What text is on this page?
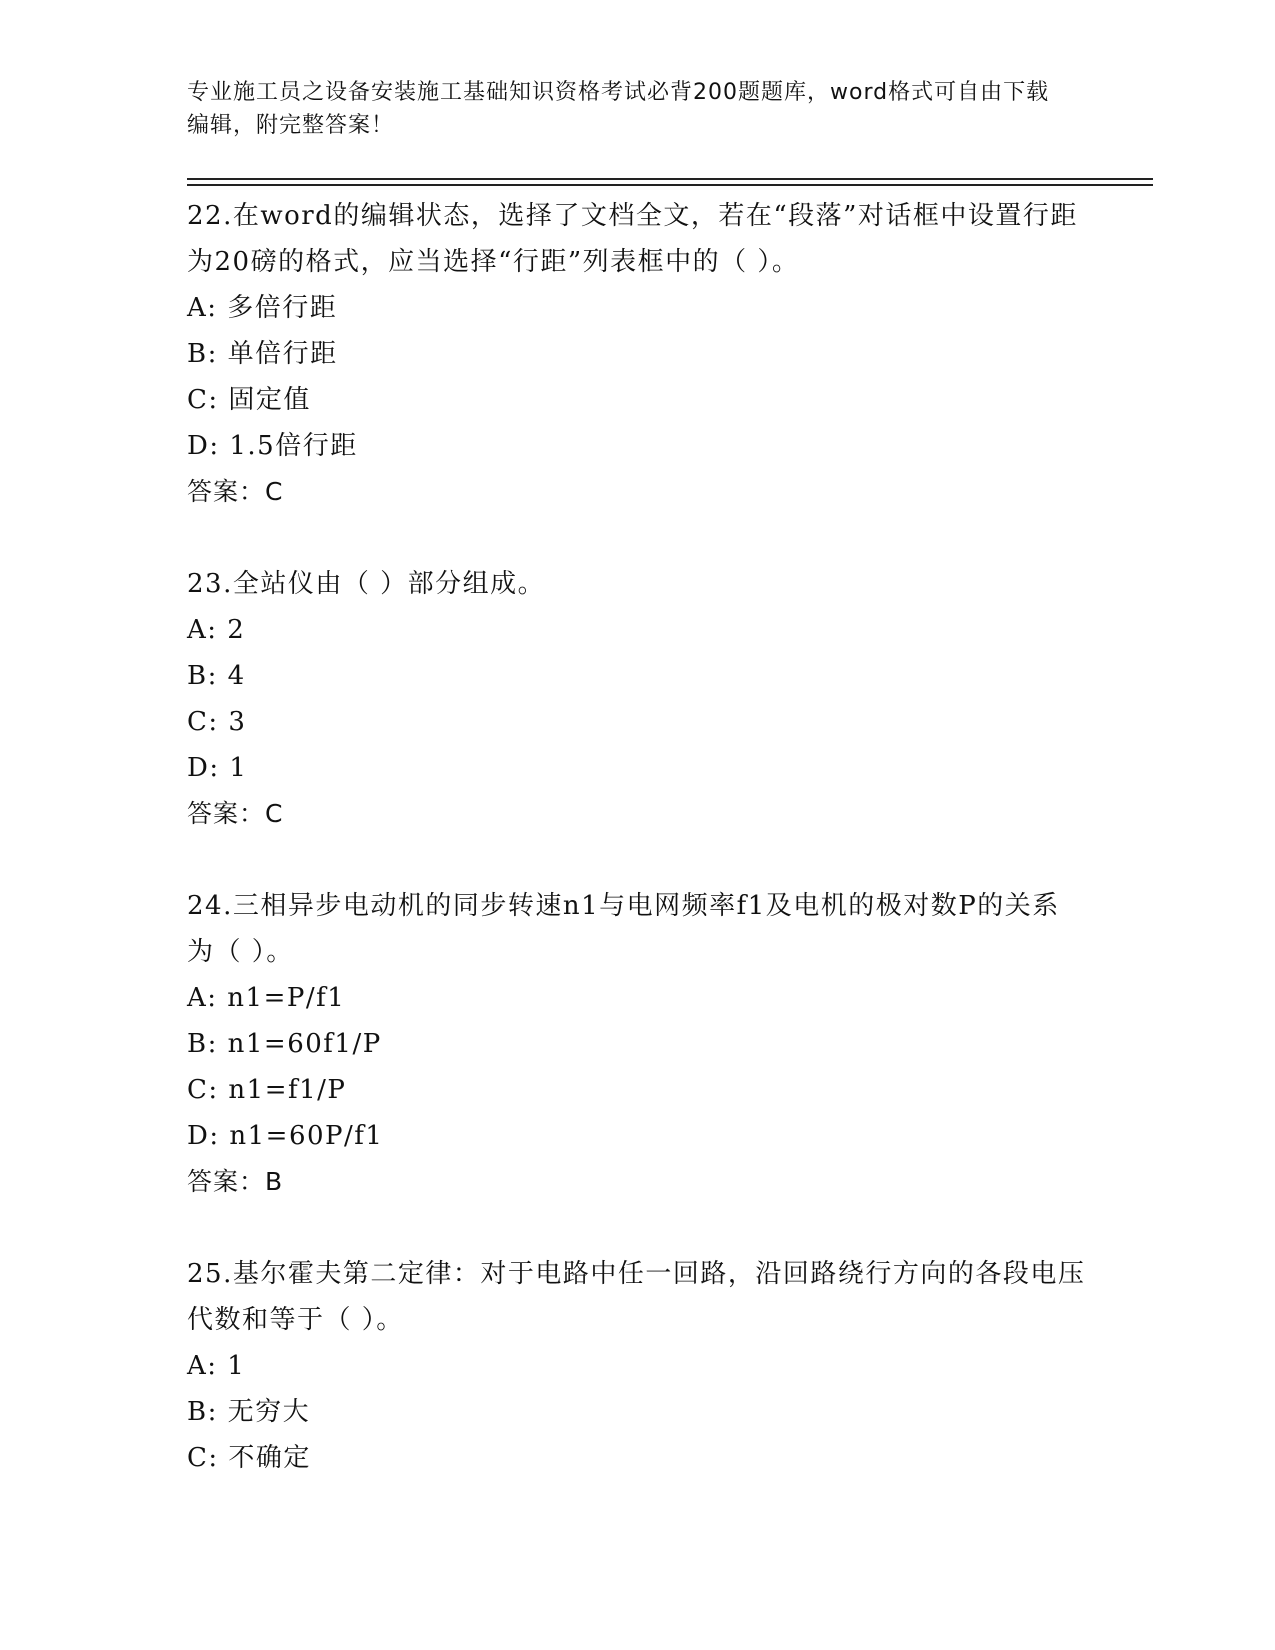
专业施工员之设备安装施工基础知识资格考试必背200题题库，word格式可自由下载编辑，附完整答案！
22.在word的编辑状态，选择了文档全文，若在“段落”对话框中设置行距为20磅的格式，应当选择“行距”列表框中的（ ）。
A: 多倍行距
B: 单倍行距
C: 固定值
D: 1.5倍行距
答案：C
23.全站仪由（ ）部分组成。
A: 2
B: 4
C: 3
D: 1
答案：C
24.三相异步电动机的同步转速n1与电网频率f1及电机的极对数P的关系为（ ）。
A: n1=P/f1
B: n1=60f1/P
C: n1=f1/P
D: n1=60P/f1
答案：B
25.基尔霍夫第二定律：对于电路中任一回路，沿回路绕行方向的各段电压代数和等于（ ）。
A: 1
B: 无穷大
C: 不确定
